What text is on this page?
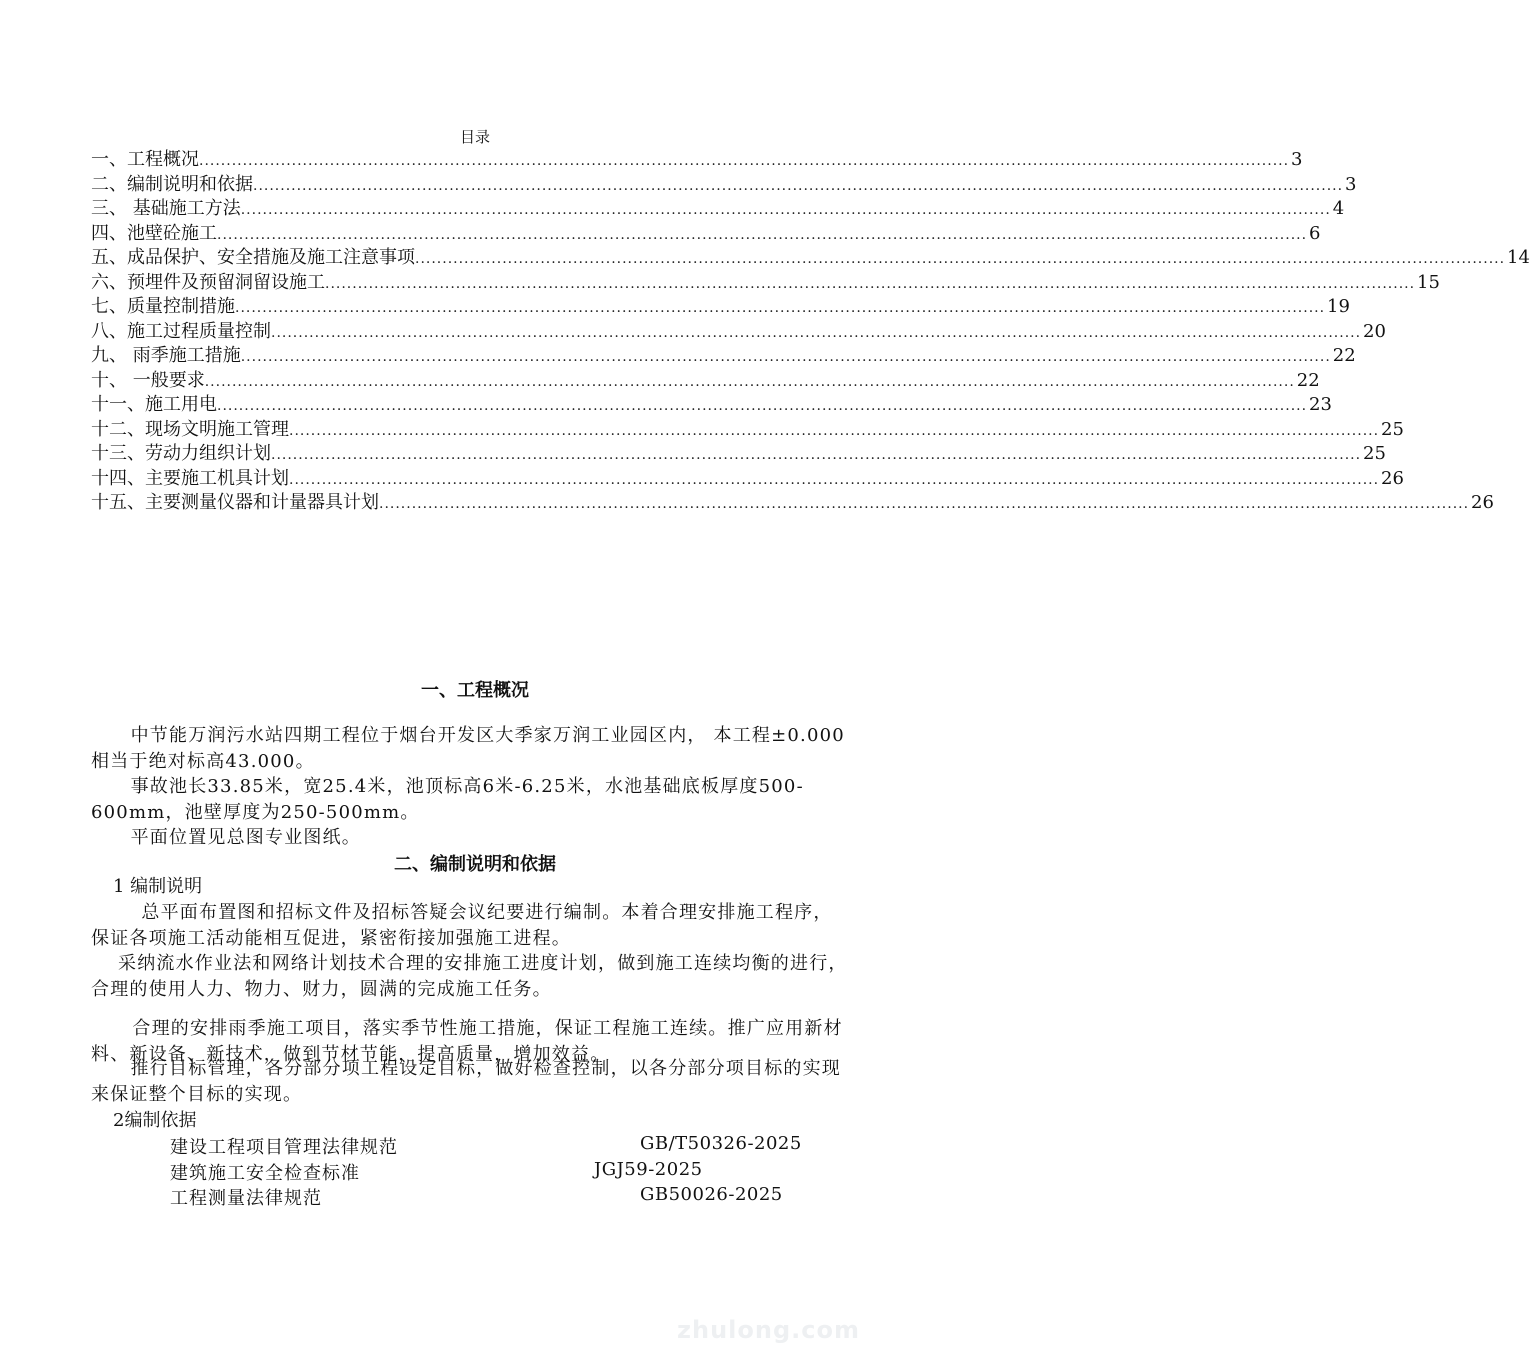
目录
一、工程概况 ........................................................................................................................................................................................................ 3
二、编制说明和依据 ........................................................................................................................................................................................................ 3
三、 基础施工方法 ........................................................................................................................................................................................................ 4
四、池壁砼施工 ........................................................................................................................................................................................................ 6
五、成品保护、安全措施及施工注意事项 ........................................................................................................................................................................................................ 14
六、预埋件及预留洞留设施工 ........................................................................................................................................................................................................ 15
七、质量控制措施 ........................................................................................................................................................................................................ 19
八、施工过程质量控制 ........................................................................................................................................................................................................ 20
九、 雨季施工措施 ........................................................................................................................................................................................................ 22
十、 一般要求 ........................................................................................................................................................................................................ 22
十一、施工用电 ........................................................................................................................................................................................................ 23
十二、现场文明施工管理 ........................................................................................................................................................................................................ 25
十三、劳动力组织计划 ........................................................................................................................................................................................................ 25
十四、主要施工机具计划 ........................................................................................................................................................................................................ 26
十五、主要测量仪器和计量器具计划 ........................................................................................................................................................................................................ 26
一、工程概况
中节能万润污水站四期工程位于烟台开发区大季家万润工业园区内， 本工程±0.000相当于绝对标高43.000。
事故池长33.85米，宽25.4米，池顶标高6米-6.25米，水池基础底板厚度500-600mm，池壁厚度为250-500mm。
平面位置见总图专业图纸。
二、编制说明和依据
1 编制说明
总平面布置图和招标文件及招标答疑会议纪要进行编制。本着合理安排施工程序，保证各项施工活动能相互促进，紧密衔接加强施工进程。
采纳流水作业法和网络计划技术合理的安排施工进度计划，做到施工连续均衡的进行，合理的使用人力、物力、财力，圆满的完成施工任务。
合理的安排雨季施工项目，落实季节性施工措施，保证工程施工连续。推广应用新材料、新设备、新技术，做到节材节能，提高质量，增加效益。
推行目标管理，各分部分项工程设定目标，做好检查控制，以各分部分项目标的实现来保证整个目标的实现。
2编制依据
建设工程项目管理法律规范	GB/T50326-2025
建筑施工安全检查标准	JGJ59-2025
工程测量法律规范	GB50026-2025
zhulong.com
